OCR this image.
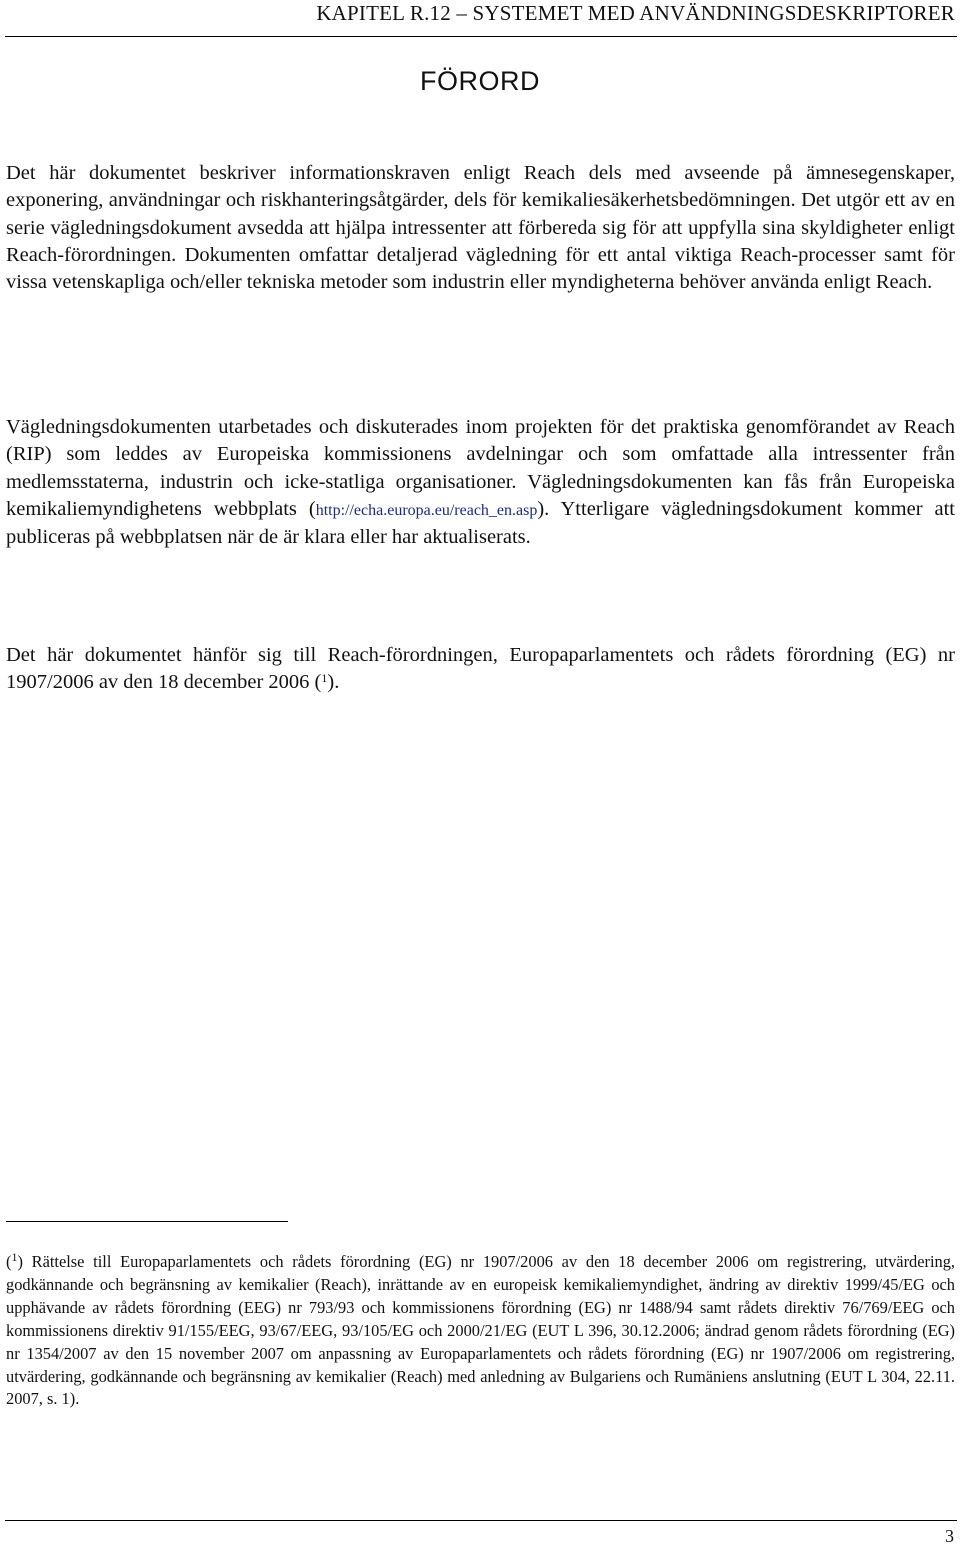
KAPITEL R.12 – SYSTEMET MED ANVÄNDNINGSDESKRIPTORER
FÖRORD

Det här dokumentet beskriver informationskraven enligt Reach dels med avseende på ämnesegenskaper, exponering, användningar och riskhanteringsåtgärder, dels för kemikaliesäkerhetsbedömningen. Det utgör ett av en serie vägledningsdokument avsedda att hjälpa intressenter att förbereda sig för att uppfylla sina skyldigheter enligt Reach-förordningen. Dokumenten omfattar detaljerad vägledning för ett antal viktiga Reach-processer samt för vissa vetenskapliga och/eller tekniska metoder som industrin eller myndigheterna behöver använda enligt Reach.

Vägledningsdokumenten utarbetades och diskuterades inom projekten för det praktiska genomförandet av Reach (RIP) som leddes av Europeiska kommissionens avdelningar och som omfattade alla intressenter från medlemsstaterna, industrin och icke-statliga organisationer. Vägledningsdokumenten kan fås från Europeiska kemikaliemyndighetens webbplats (http://echa.europa.eu/reach_en.asp). Ytterligare vägledningsdokument kommer att publiceras på webbplatsen när de är klara eller har aktualiserats.

Det här dokumentet hänför sig till Reach-förordningen, Europaparlamentets och rådets förordning (EG) nr 1907/2006 av den 18 december 2006 ($^1$).

($^1$) Rättelse till Europaparlamentets och rådets förordning (EG) nr 1907/2006 av den 18 december 2006 om registrering, utvärdering, godkännande och begränsning av kemikalier (Reach), inrättande av en europeisk kemikaliemyndighet, ändring av direktiv 1999/45/EG och upphävande av rådets förordning (EEG) nr 793/93 och kommissionens förordning (EG) nr 1488/94 samt rådets direktiv 76/769/EEG och kommissionens direktiv 91/155/EEG, 93/67/EEG, 93/105/EG och 2000/21/EG (EUT L 396, 30.12.2006; ändrad genom rådets förordning (EG) nr 1354/2007 av den 15 november 2007 om anpassning av Europaparlamentets och rådets förordning (EG) nr 1907/2006 om registrering, utvärdering, godkännande och begränsning av kemikalier (Reach) med anledning av Bulgariens och Rumäniens anslutning (EUT L 304, 22.11. 2007, s. 1).

3
